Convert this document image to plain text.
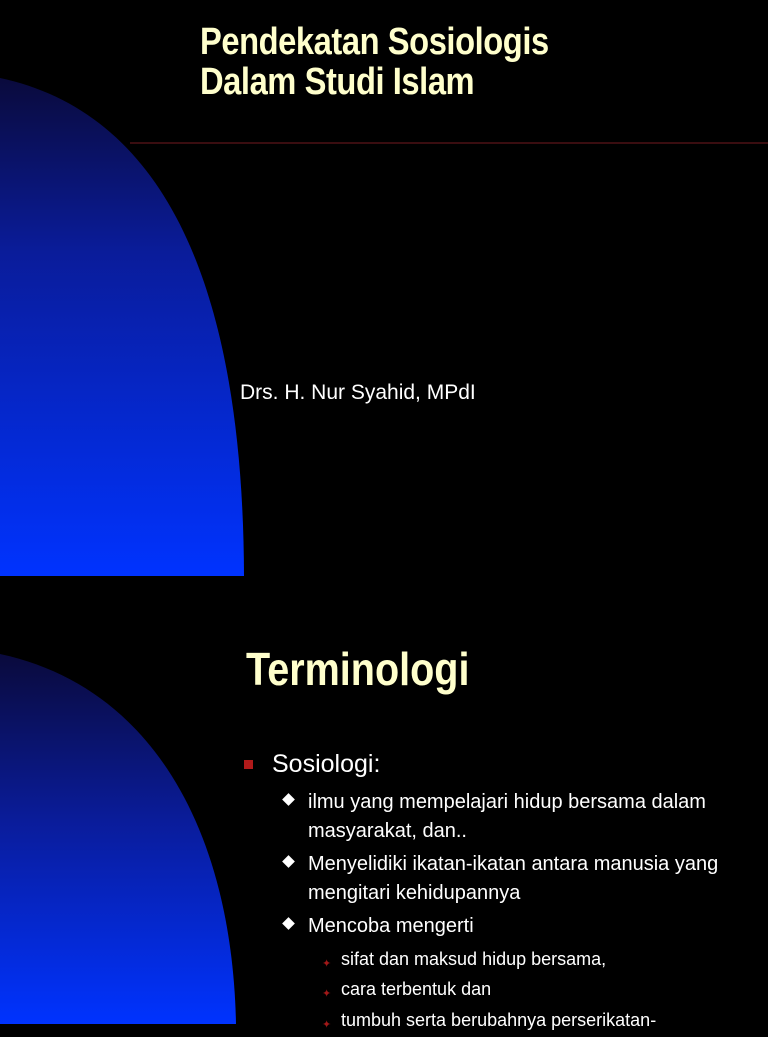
Pendekatan Sosiologis
Dalam Studi Islam
Drs. H. Nur Syahid, MPdI
Terminologi
Sosiologi:
ilmu yang mempelajari hidup bersama dalam masyarakat, dan..
Menyelidiki ikatan-ikatan antara manusia yang mengitari kehidupannya
Mencoba mengerti
✦ sifat dan maksud hidup bersama,
✦ cara terbentuk dan
✦ tumbuh serta berubahnya perserikatan-
